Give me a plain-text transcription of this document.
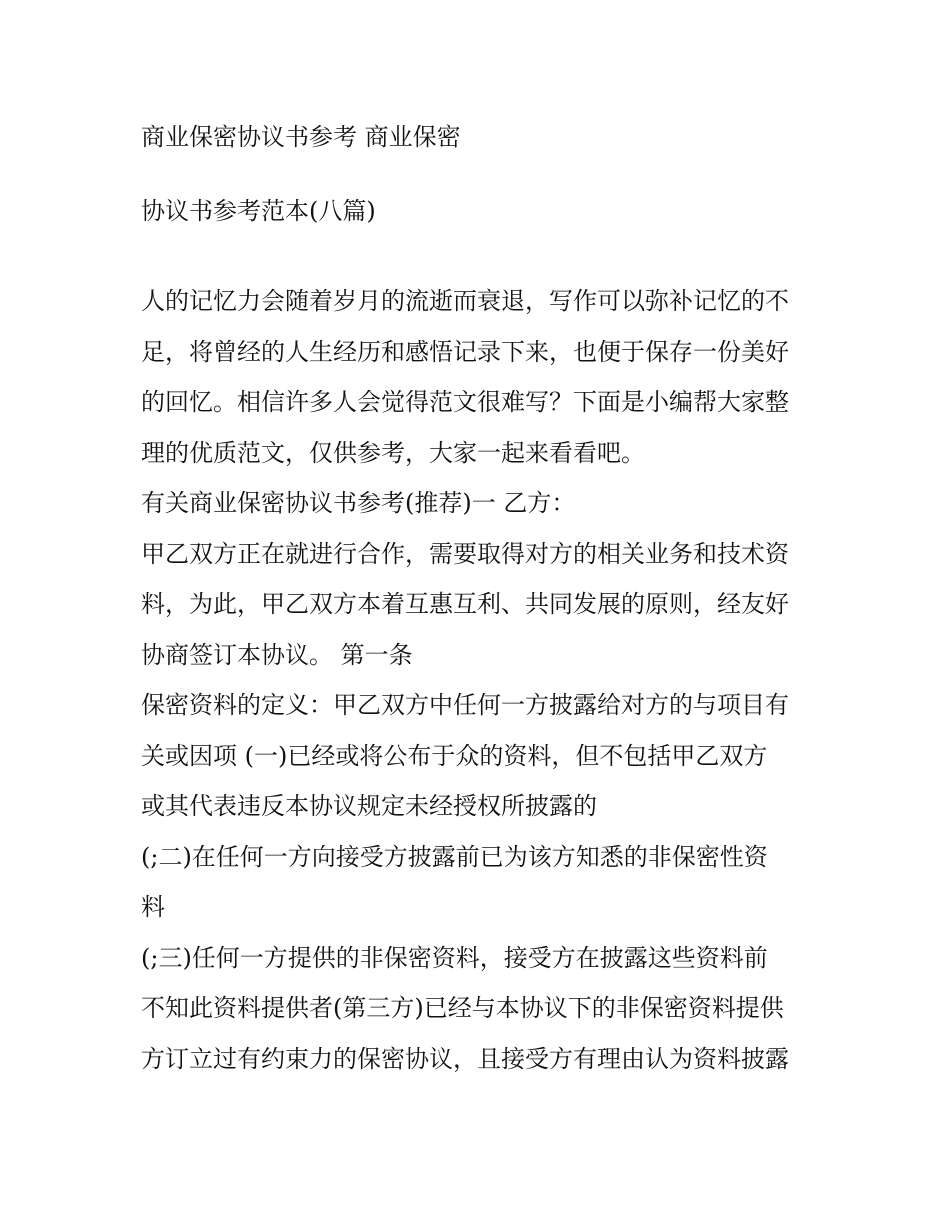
商业保密协议书参考 商业保密
协议书参考范本(八篇)
人的记忆力会随着岁月的流逝而衰退，写作可以弥补记忆的不
足，将曾经的人生经历和感悟记录下来，也便于保存一份美好
的回忆。相信许多人会觉得范文很难写？下面是小编帮大家整
理的优质范文，仅供参考，大家一起来看看吧。
有关商业保密协议书参考(推荐)一 乙方：
甲乙双方正在就进行合作，需要取得对方的相关业务和技术资
料，为此，甲乙双方本着互惠互利、共同发展的原则，经友好
协商签订本协议。 第一条
保密资料的定义：甲乙双方中任何一方披露给对方的与项目有
关或因项 (一)已经或将公布于众的资料，但不包括甲乙双方
或其代表违反本协议规定未经授权所披露的
(;二)在任何一方向接受方披露前已为该方知悉的非保密性资
料
(;三)任何一方提供的非保密资料，接受方在披露这些资料前
不知此资料提供者(第三方)已经与本协议下的非保密资料提供
方订立过有约束力的保密协议，且接受方有理由认为资料披露
